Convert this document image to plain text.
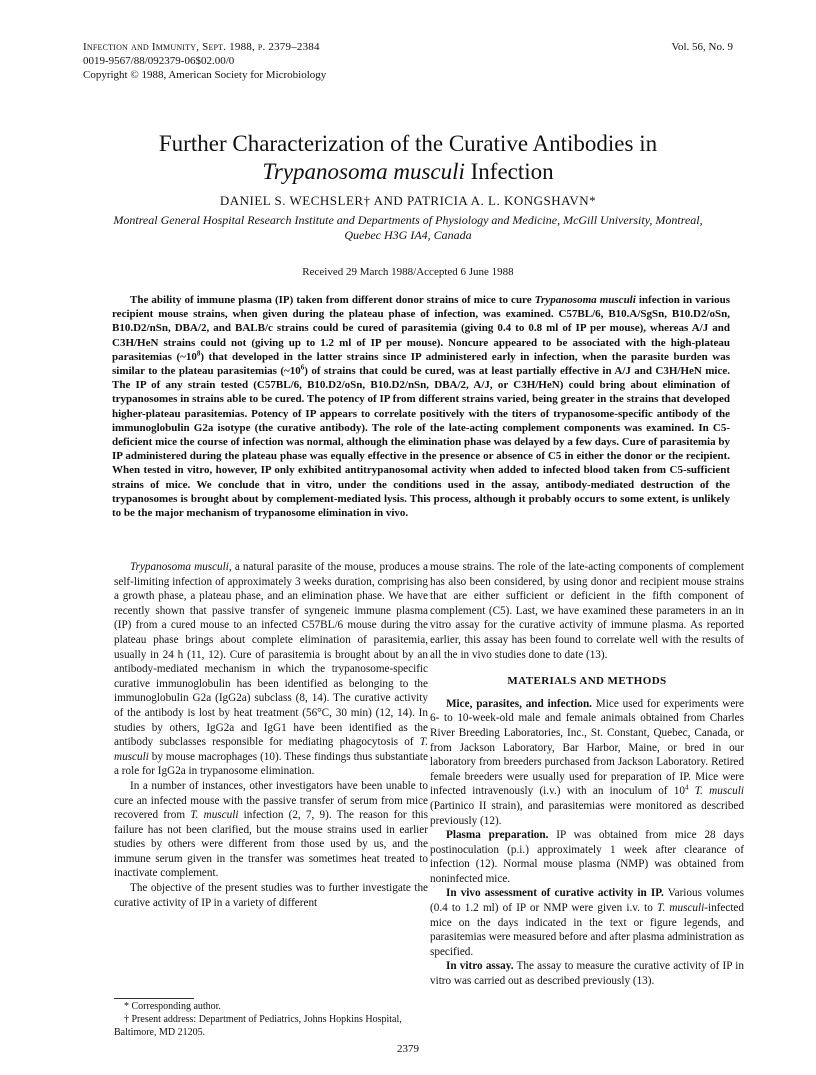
Infection and Immunity, Sept. 1988, p. 2379–2384
0019-9567/88/092379-06$02.00/0
Copyright © 1988, American Society for Microbiology
Vol. 56, No. 9
Further Characterization of the Curative Antibodies in
Trypanosoma musculi Infection
DANIEL S. WECHSLER† AND PATRICIA A. L. KONGSHAVN*
Montreal General Hospital Research Institute and Departments of Physiology and Medicine, McGill University, Montreal, Quebec H3G IA4, Canada
Received 29 March 1988/Accepted 6 June 1988

The ability of immune plasma (IP) taken from different donor strains of mice to cure Trypanosoma musculi infection in various recipient mouse strains, when given during the plateau phase of infection, was examined. C57BL/6, B10.A/SgSn, B10.D2/oSn, B10.D2/nSn, DBA/2, and BALB/c strains could be cured of parasitemia (giving 0.4 to 0.8 ml of IP per mouse), whereas A/J and C3H/HeN strains could not (giving up to 1.2 ml of IP per mouse). Noncure appeared to be associated with the high-plateau parasitemias $(\sim 10^8)$ that developed in the latter strains since IP administered early in infection, when the parasite burden was similar to the plateau parasitemias $(\sim 10^6)$ of strains that could be cured, was at least partially effective in A/J and C3H/HeN mice. The IP of any strain tested (C57BL/6, B10.D2/oSn, B10.D2/nSn, DBA/2, A/J, or C3H/HeN) could bring about elimination of trypanosomes in strains able to be cured. The potency of IP from different strains varied, being greater in the strains that developed higher-plateau parasitemias. Potency of IP appears to correlate positively with the titers of trypanosome-specific antibody of the immunoglobulin G2a isotype (the curative antibody). The role of the late-acting complement components was examined. In C5-deficient mice the course of infection was normal, although the elimination phase was delayed by a few days. Cure of parasitemia by IP administered during the plateau phase was equally effective in the presence or absence of C5 in either the donor or the recipient. When tested in vitro, however, IP only exhibited antitrypanosomal activity when added to infected blood taken from C5-sufficient strains of mice. We conclude that in vitro, under the conditions used in the assay, antibody-mediated destruction of the trypanosomes is brought about by complement-mediated lysis. This process, although it probably occurs to some extent, is unlikely to be the major mechanism of trypanosome elimination in vivo.

Trypanosoma musculi, a natural parasite of the mouse, produces a self-limiting infection of approximately 3 weeks duration, comprising a growth phase, a plateau phase, and an elimination phase. We have recently shown that passive transfer of syngeneic immune plasma (IP) from a cured mouse to an infected C57BL/6 mouse during the plateau phase brings about complete elimination of parasitemia, usually in 24 h (11, 12). Cure of parasitemia is brought about by an antibody-mediated mechanism in which the trypanosome-specific curative immunoglobulin has been identified as belonging to the immunoglobulin G2a (IgG2a) subclass (8, 14). The curative activity of the antibody is lost by heat treatment (56°C, 30 min) (12, 14). In studies by others, IgG2a and IgG1 have been identified as the antibody subclasses responsible for mediating phagocytosis of T. musculi by mouse macrophages (10). These findings thus substantiate a role for IgG2a in trypanosome elimination.

In a number of instances, other investigators have been unable to cure an infected mouse with the passive transfer of serum from mice recovered from T. musculi infection (2, 7, 9). The reason for this failure has not been clarified, but the mouse strains used in earlier studies by others were different from those used by us, and the immune serum given in the transfer was sometimes heat treated to inactivate complement.

The objective of the present studies was to further investigate the curative activity of IP in a variety of different

mouse strains. The role of the late-acting components of complement has also been considered, by using donor and recipient mouse strains that are either sufficient or deficient in the fifth component of complement (C5). Last, we have examined these parameters in an in vitro assay for the curative activity of immune plasma. As reported earlier, this assay has been found to correlate well with the results of all the in vivo studies done to date (13).

MATERIALS AND METHODS

Mice, parasites, and infection. Mice used for experiments were 6- to 10-week-old male and female animals obtained from Charles River Breeding Laboratories, Inc., St. Constant, Quebec, Canada, or from Jackson Laboratory, Bar Harbor, Maine, or bred in our laboratory from breeders purchased from Jackson Laboratory. Retired female breeders were usually used for preparation of IP. Mice were infected intravenously (i.v.) with an inoculum of $10^4$ T. musculi (Partinico II strain), and parasitemias were monitored as described previously (12).

Plasma preparation. IP was obtained from mice 28 days postinoculation (p.i.) approximately 1 week after clearance of infection (12). Normal mouse plasma (NMP) was obtained from noninfected mice.

In vivo assessment of curative activity in IP. Various volumes (0.4 to 1.2 ml) of IP or NMP were given i.v. to T. musculi-infected mice on the days indicated in the text or figure legends, and parasitemias were measured before and after plasma administration as specified.

In vitro assay. The assay to measure the curative activity of IP in vitro was carried out as described previously (13).

* Corresponding author.
† Present address: Department of Pediatrics, Johns Hopkins Hospital, Baltimore, MD 21205.
2379
